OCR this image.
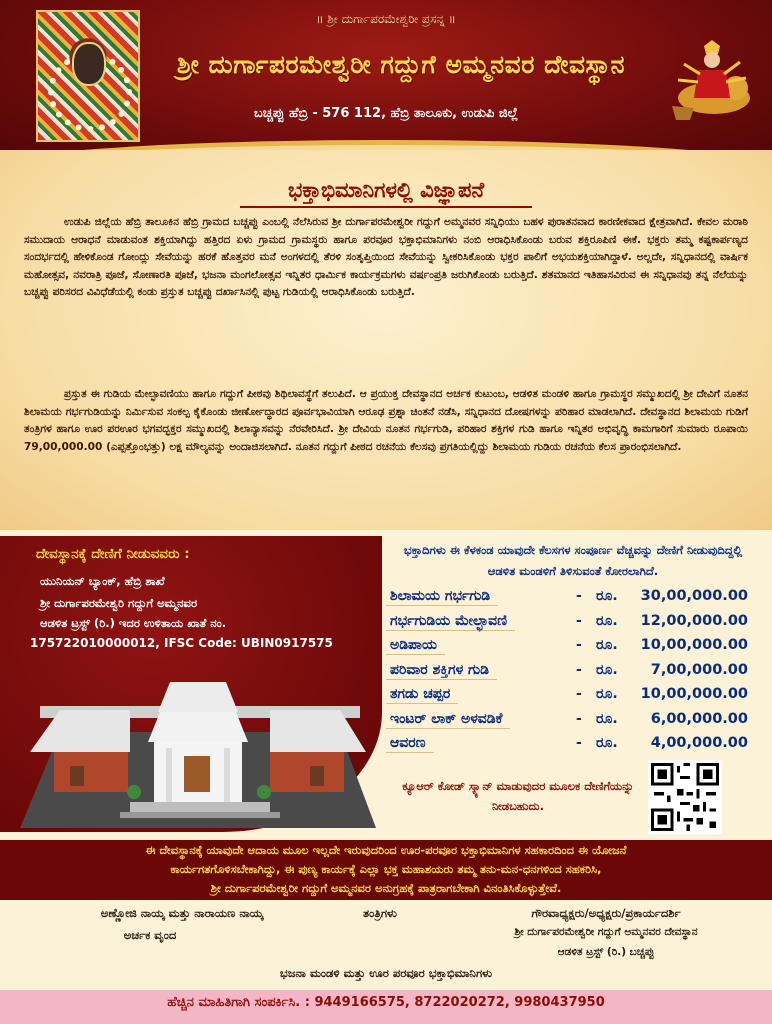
॥ ಶ್ರೀ ದುರ್ಗಾಪರಮೇಶ್ವರೀ ಪ್ರಸನ್ನ ॥
ಶ್ರೀ ದುರ್ಗಾಪರಮೇಶ್ವರೀ ಗದ್ದುಗೆ ಅಮ್ಮನವರ ದೇವಸ್ಥಾನ
ಬಚ್ಚಪ್ಪು ಹೆಬ್ರಿ - 576 112, ಹೆಬ್ರಿ ತಾಲೂಕು, ಉಡುಪಿ ಜಿಲ್ಲೆ
ಭಕ್ತಾಭಿಮಾನಿಗಳಲ್ಲಿ ವಿಜ್ಞಾಪನೆ

ಉಡುಪಿ ಜಿಲ್ಲೆಯ ಹೆಬ್ರಿ ತಾಲೂಕಿನ ಹೆಬ್ರಿ ಗ್ರಾಮದ ಬಚ್ಚಪ್ಪು ಎಂಬಲ್ಲಿ ನೆಲೆಸಿರುವ ಶ್ರೀ ದುರ್ಗಾಪರಮೇಶ್ವರೀ ಗದ್ದುಗೆ ಅಮ್ಮನವರ ಸನ್ನಿಧಿಯು ಬಹಳ ಪುರಾತನವಾದ ಕಾರಣೀಕವಾದ ಕ್ಷೇತ್ರವಾಗಿದೆ. ಕೇವಲ ಮರಾಠಿ ಸಮುದಾಯ ಆರಾಧನೆ ಮಾಡುವಂತ ಶಕ್ತಿಯಾಗಿದ್ದು ಹತ್ತಿರದ ಏಳು ಗ್ರಾಮದ ಗ್ರಾಮಸ್ಥರು ಹಾಗೂ ಪರವೂರ ಭಕ್ತಾಭಿಮಾನಿಗಳು ನಂಬಿ ಆರಾಧಿಸಿಕೊಂಡು ಬರುವ ಶಕ್ತಿರೂಪಿಣಿ ಈಕೆ. ಭಕ್ತರು ತಮ್ಮ ಕಷ್ಟಕಾರ್ಪಣ್ಯದ ಸಂದರ್ಭದಲ್ಲಿ ಹೇಳಿಕೊಂಡ ಗೋಂದ್ಲು ಸೇವೆಯನ್ನು ಹರಕೆ ಹೊತ್ತವರ ಮನೆ ಅಂಗಳದಲ್ಲಿ ತೆರಳಿ ಸಂತೃಪ್ತಿಯಿಂದ ಸೇವೆಯನ್ನು ಸ್ವೀಕರಿಸಿಕೊಂಡು ಭಕ್ತರ ಪಾಲಿಗೆ ಅಭಯಶಕ್ತಿಯಾಗಿದ್ದಾಳೆ. ಅಲ್ಲದೇ, ಸನ್ನಿಧಾನದಲ್ಲಿ ವಾರ್ಷಿಕ ಮಹೋತ್ಸವ, ನವರಾತ್ರಿ ಪೂಜೆ, ಸೋಣಾರತಿ ಪೂಜೆ, ಭಜನಾ ಮಂಗಲೋತ್ಸವ ಇನ್ನಿತರ ಧಾರ್ಮಿಕ ಕಾರ್ಯಕ್ರಮಗಳು ವರ್ಷಂಪ್ರತಿ ಜರುಗಿಕೊಂಡು ಬರುತ್ತಿದೆ. ಶತಮಾನದ ಇತಿಹಾಸವಿರುವ ಈ ಸನ್ನಿಧಾನವು ತನ್ನ ನೆಲೆಯನ್ನು ಬಚ್ಚಪ್ಪು ಪರಿಸರದ ವಿವಿಧೆಡೆಯಲ್ಲಿ ಕಂಡು ಪ್ರಸ್ತುತ ಬಚ್ಚಪ್ಪು ದರ್ಖಾಸಿನಲ್ಲಿ ಪುಟ್ಟ ಗುಡಿಯಲ್ಲಿ ಆರಾಧಿಸಿಕೊಂಡು ಬರುತ್ತಿದೆ.

ಪ್ರಸ್ತುತ ಈ ಗುಡಿಯ ಮೇಲ್ಛಾವಣಿಯು ಹಾಗೂ ಗದ್ದುಗೆ ಪೀಠವು ಶಿಥಿಲಾವಸ್ಥೆಗೆ ತಲುಪಿದೆ. ಆ ಪ್ರಯುಕ್ತ ದೇವಸ್ಥಾನದ ಅರ್ಚಕ ಕುಟುಂಬ, ಆಡಳಿತ ಮಂಡಳಿ ಹಾಗೂ ಗ್ರಾಮಸ್ಥರ ಸಮ್ಮುಖದಲ್ಲಿ ಶ್ರೀ ದೇವಿಗೆ ನೂತನ ಶಿಲಾಮಯ ಗರ್ಭಗುಡಿಯನ್ನು ನಿರ್ಮಿಸುವ ಸಂಕಲ್ಪ ಕೈಕೊಂಡು ಜೀರ್ಣೋದ್ಧಾರದ ಪೂರ್ವಭಾವಿಯಾಗಿ ಆರೂಢ ಪ್ರಶ್ನಾ ಚಿಂತನೆ ನಡೆಸಿ, ಸನ್ನಿಧಾನದ ದೋಷಗಳನ್ನು ಪರಿಹಾರ ಮಾಡಲಾಗಿದೆ. ದೇವಸ್ಥಾನದ ಶಿಲಾಮಯ ಗುಡಿಗೆ ತಂತ್ರಿಗಳ ಹಾಗೂ ಊರ ಪರಊರ ಭಗವದ್ಭಕ್ತರ ಸಮ್ಮುಖದಲ್ಲಿ ಶಿಲಾನ್ಯಾಸವನ್ನು ನೆರವೇರಿಸಿದೆ. ಶ್ರೀ ದೇವಿಯ ನೂತನ ಗರ್ಭಗುಡಿ, ಪರಿಹಾರ ಶಕ್ತಿಗಳ ಗುಡಿ ಹಾಗೂ ಇನ್ನಿತರ ಅಭಿವೃದ್ಧಿ ಕಾಮಗಾರಿಗೆ ಸುಮಾರು ರೂಪಾಯಿ 79,00,000.00 (ಎಪ್ಪತ್ತೊಂಭತ್ತು) ಲಕ್ಷ ಮೌಲ್ಯವನ್ನು ಅಂದಾಜಿಸಲಾಗಿದೆ. ನೂತನ ಗದ್ದುಗೆ ಪೀಠದ ರಚನೆಯ ಕೆಲಸವು ಪ್ರಗತಿಯಲ್ಲಿದ್ದು ಶಿಲಾಮಯ ಗುಡಿಯ ರಚನೆಯ ಕೆಲಸ ಪ್ರಾರಂಭಿಸಲಾಗಿದೆ.

ದೇವಸ್ಥಾನಕ್ಕೆ ದೇಣಿಗೆ ನೀಡುವವರು :
ಯುನಿಯನ್ ಬ್ಯಾಂಕ್, ಹೆಬ್ರಿ ಶಾಖೆ
ಶ್ರೀ ದುರ್ಗಾಪರಮೇಶ್ವರಿ ಗದ್ದುಗೆ ಅಮ್ಮನವರ
ಆಡಳಿತ ಟ್ರಸ್ಟ್ (ರಿ.) ಇದರ ಉಳಿತಾಯ ಖಾತೆ ನಂ.
175722010000012, IFSC Code: UBIN0917575
ಭಕ್ತಾದಿಗಳು ಈ ಕೆಳಕಂಡ ಯಾವುದೇ ಕೆಲಸಗಳ ಸಂಪೂರ್ಣ ವೆಚ್ಚವನ್ನು ದೇಣಿಗೆ ನೀಡುವುದಿದ್ದಲ್ಲಿ ಆಡಳಿತ ಮಂಡಳಿಗೆ ತಿಳಿಸುವಂತೆ ಕೋರಲಾಗಿದೆ.
ಶಿಲಾಮಯ ಗರ್ಭಗುಡಿ	- ರೂ. 30,00,000.00
ಗರ್ಭಗುಡಿಯ ಮೇಲ್ಛಾವಣಿ	- ರೂ. 12,00,000.00
ಅಡಿಪಾಯ	- ರೂ. 10,00,000.00
ಪರಿವಾರ ಶಕ್ತಿಗಳ ಗುಡಿ	- ರೂ. 7,00,000.00
ತಗಡು ಚಪ್ಪರ	- ರೂ. 10,00,000.00
ಇಂಟರ್ ಲಾಕ್ ಅಳವಡಿಕೆ	- ರೂ. 6,00,000.00
ಆವರಣ	- ರೂ. 4,00,000.00
ಕ್ಯೂಆರ್ ಕೋಡ್ ಸ್ಕ್ಯಾನ್ ಮಾಡುವುದರ ಮೂಲಕ ದೇಣಿಗೆಯನ್ನು ನೀಡಬಹುದು.
ಈ ದೇವಸ್ಥಾನಕ್ಕೆ ಯಾವುದೇ ಆದಾಯ ಮೂಲ ಇಲ್ಲದೇ ಇರುವುದರಿಂದ ಊರ-ಪರವೂರ ಭಕ್ತಾಭಿಮಾನಿಗಳ ಸಹಕಾರದಿಂದ ಈ ಯೋಜನೆ
ಕಾರ್ಯಗತಗೊಳಿಸಬೇಕಾಗಿದ್ದು, ಈ ಪುಣ್ಯ ಕಾರ್ಯಕ್ಕೆ ಎಲ್ಲಾ ಭಕ್ತ ಮಹಾಶಯರು ತಮ್ಮ ತನು-ಮನ-ಧನಗಳಿಂದ ಸಹಕರಿಸಿ,
ಶ್ರೀ ದುರ್ಗಾಪರಮೇಶ್ವರೀ ಗದ್ದುಗೆ ಅಮ್ಮನವರ ಅನುಗ್ರಹಕ್ಕೆ ಪಾತ್ರರಾಗಬೇಕಾಗಿ ವಿನಂತಿಸಿಕೊಳ್ಳುತ್ತೇವೆ.
ಅಣ್ಣೋಜಿ ನಾಯ್ಕ ಮತ್ತು ನಾರಾಯಣ ನಾಯ್ಕ
ಅರ್ಚಕ ವೃಂದ
ತಂತ್ರಿಗಳು	ಗೌರವಾಧ್ಯಕ್ಷರು/ಅಧ್ಯಕ್ಷರು/ಪ್ರಕಾರ್ಯದರ್ಶಿ
ಶ್ರೀ ದುರ್ಗಾಪರಮೇಶ್ವರೀ ಗದ್ದುಗೆ ಅಮ್ಮನವರ ದೇವಸ್ಥಾನ
ಆಡಳಿತ ಟ್ರಸ್ಟ್ (ರಿ.) ಬಚ್ಚಪ್ಪು
ಭಜನಾ ಮಂಡಳಿ ಮತ್ತು ಊರ ಪರವೂರ ಭಕ್ತಾಭಿಮಾನಿಗಳು
ಹೆಚ್ಚಿನ ಮಾಹಿತಿಗಾಗಿ ಸಂಪರ್ಕಿಸಿ. : 9449166575, 8722020272, 9980437950
